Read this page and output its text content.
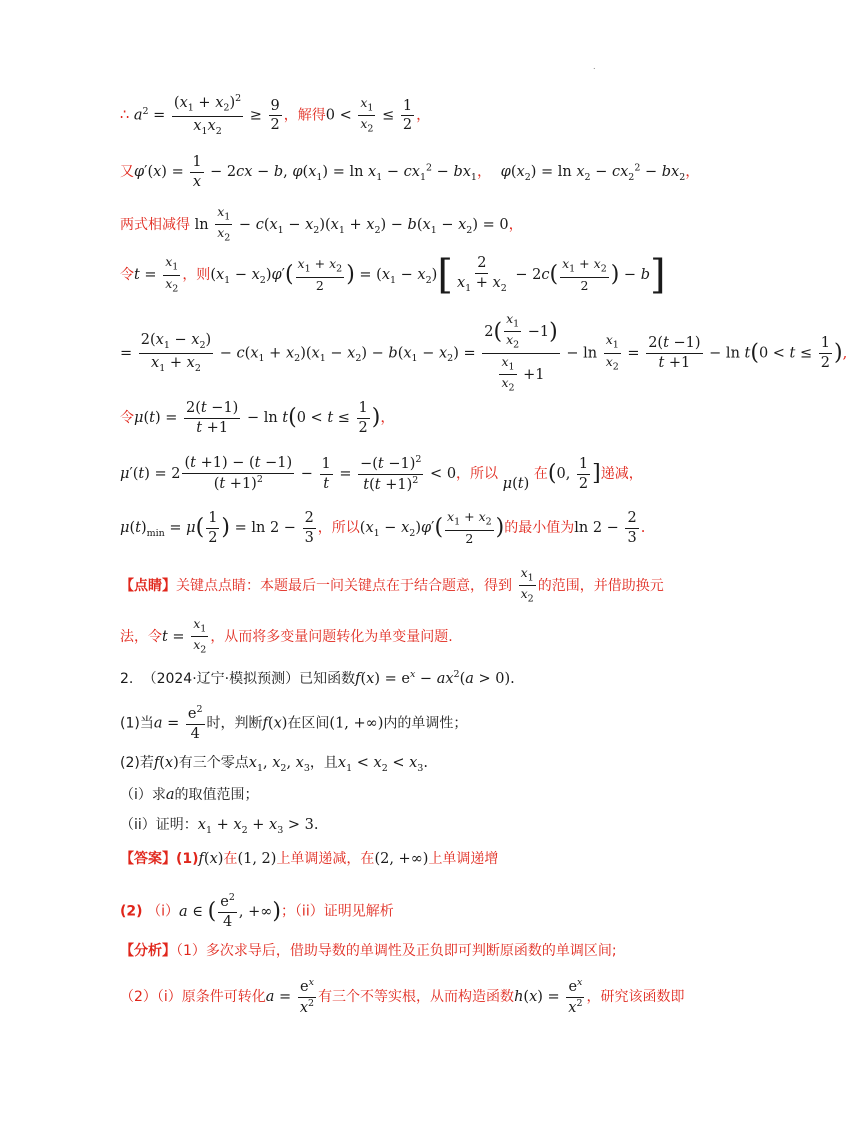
.
∴ $a^2 = \frac{(x_1 + x_2)^2}{x_1x_2} \ge \frac{9}{2}$ ，解得$0 < \frac{x_1}{x_2} \le \frac{1}{2}$ ，
又$\varphi'(x) = \frac{1}{x} - 2cx - b$, $\varphi(x_1) = \ln x_1 - cx_1^2 - bx_1$， $\varphi(x_2) = \ln x_2 - cx_2^2 - bx_2$，
两式相减得 $\ln \frac{x_1}{x_2} - c(x_1 - x_2)(x_1 + x_2) - b(x_1 - x_2) = 0$，
令$t = \frac{x_1}{x_2}$ ，则$(x_1 - x_2)\varphi'( \frac{x_1 + x_2}{2}$ ) = $(x_1 - x_2)[ \frac{2}{x_1 + x_2} - 2c( \frac{x_1 + x_2}{2}$ ) − b]
= $\frac{2(x_1 - x_2)}{x_1 + x_2} - c(x_1 + x_2)(x_1 - x_2) - b(x_1 - x_2) = \frac{2( \frac{x_1}{x_2} -1)}{\frac{x_1}{x_2} +1} - \ln \frac{x_1}{x_2} = \frac{2(t -1)}{t +1} - \ln t(0 < t \le \frac{1}{2}$ ),
令$\mu(t) = \frac{2(t -1)}{t +1} - \ln t(0 < t \le \frac{1}{2}$ )，
$\mu'(t) = 2 \frac{(t +1) - (t -1)}{(t +1)^2} - \frac{1}{t} = \frac{-(t -1)^2}{t(t +1)^2} < 0$，所以 μ(t) 在(0, $\frac{1}{2}$ ]递减，
$\mu(t)_{min} = \mu( \frac{1}{2}$ ) = $\ln 2 - \frac{2}{3}$ ，所以$(x_1 - x_2)\varphi'( \frac{x_1 + x_2}{2}$ )的最小值为$\ln 2 - \frac{2}{3}$ .
【点睛】关键点点睛：本题最后一问关键点在于结合题意，得到 $\frac{x_1}{x_2}$ 的范围，并借助换元
法，令$t = \frac{x_1}{x_2}$ ，从而将多变量问题转化为单变量问题.
2. （2024·辽宁·模拟预测）已知函数$f(x) = e^x - ax^2(a > 0)$.
(1)当$a = \frac{e^2}{4}$ 时，判断f(x)在区间(1, +∞)内的单调性；
(2)若f(x)有三个零点$x_1$, $x_2$, $x_3$，且$x_1 < x_2 < x_3$.
（i）求a的取值范围；
（ii）证明：$x_1 + x_2 + x_3 > 3$.
【答案】(1)f(x)在(1, 2)上单调递减，在(2, +∞)上单调递增
(2) （i）a ∈ ( $\frac{e^2}{4}$ , +∞)；（ii）证明见解析
【分析】（1）多次求导后，借助导数的单调性及正负即可判断原函数的单调区间;
（2）（i）原条件可转化$a = \frac{e^x}{x^2}$ 有三个不等实根，从而构造函数$h(x) = \frac{e^x}{x^2}$ ，研究该函数即
